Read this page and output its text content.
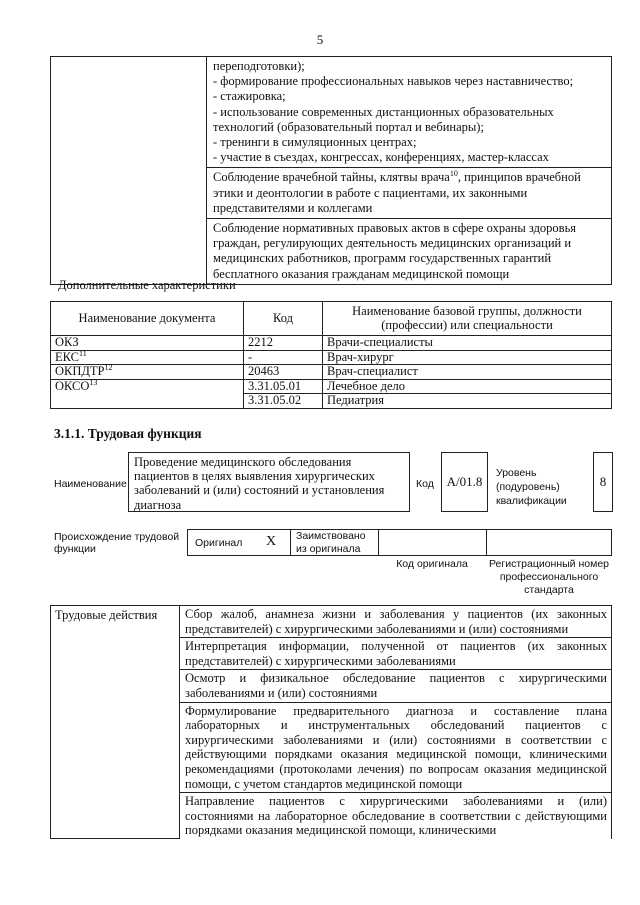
5

переподготовки);
- формирование профессиональных навыков через наставничество;
- стажировка;
- использование современных дистанционных образовательных
технологий (образовательный портал и вебинары);
- тренинги в симуляционных центрах;
- участие в съездах, конгрессах, конференциях, мастер-классах

Соблюдение врачебной тайны, клятвы врача$^{10}$, принципов врачебной
этики и деонтологии в работе с пациентами, их законными
представителями и коллегами

Соблюдение нормативных правовых актов в сфере охраны здоровья
граждан, регулирующих деятельность медицинских организаций и
медицинских работников, программ государственных гарантий
бесплатного оказания гражданам медицинской помощи
Дополнительные характеристики
Наименование документа	Код	Наименование базовой группы, должности (профессии) или специальности
ОКЗ	2212	Врачи-специалисты
ЕКС$^{11}$	-	Врач-хирург
ОКПДТР$^{12}$	20463	Врач-специалист
ОКСО$^{13}$	3.31.05.01	Лечебное дело
	3.31.05.02	Педиатрия
3.1.1. Трудовая функция
Наименование
Проведение медицинского обследования
пациентов в целях выявления хирургических
заболеваний и (или) состояний и установления
диагноза
Код А/01.8
Уровень
(подуровень)
квалификации
8
Происхождение трудовой
функции	Оригинал X Заимствовано
из оригинала
Код оригинала	Регистрационный номер
профессионального
стандарта
Трудовые действия	Сбор жалоб, анамнеза жизни и заболевания у пациентов (их законных представителей) с хирургическими заболеваниями и (или) состояниями
Интерпретация информации, полученной от пациентов (их законных представителей) с хирургическими заболеваниями
Осмотр и физикальное обследование пациентов с хирургическими заболеваниями и (или) состояниями
Формулирование предварительного диагноза и составление плана лабораторных и инструментальных обследований пациентов с хирургическими заболеваниями и (или) состояниями в соответствии с действующими порядками оказания медицинской помощи, клиническими рекомендациями (протоколами лечения) по вопросам оказания медицинской помощи, с учетом стандартов медицинской помощи
Направление пациентов с хирургическими заболеваниями и (или) состояниями на лабораторное обследование в соответствии с действующими порядками оказания медицинской помощи, клиническими
